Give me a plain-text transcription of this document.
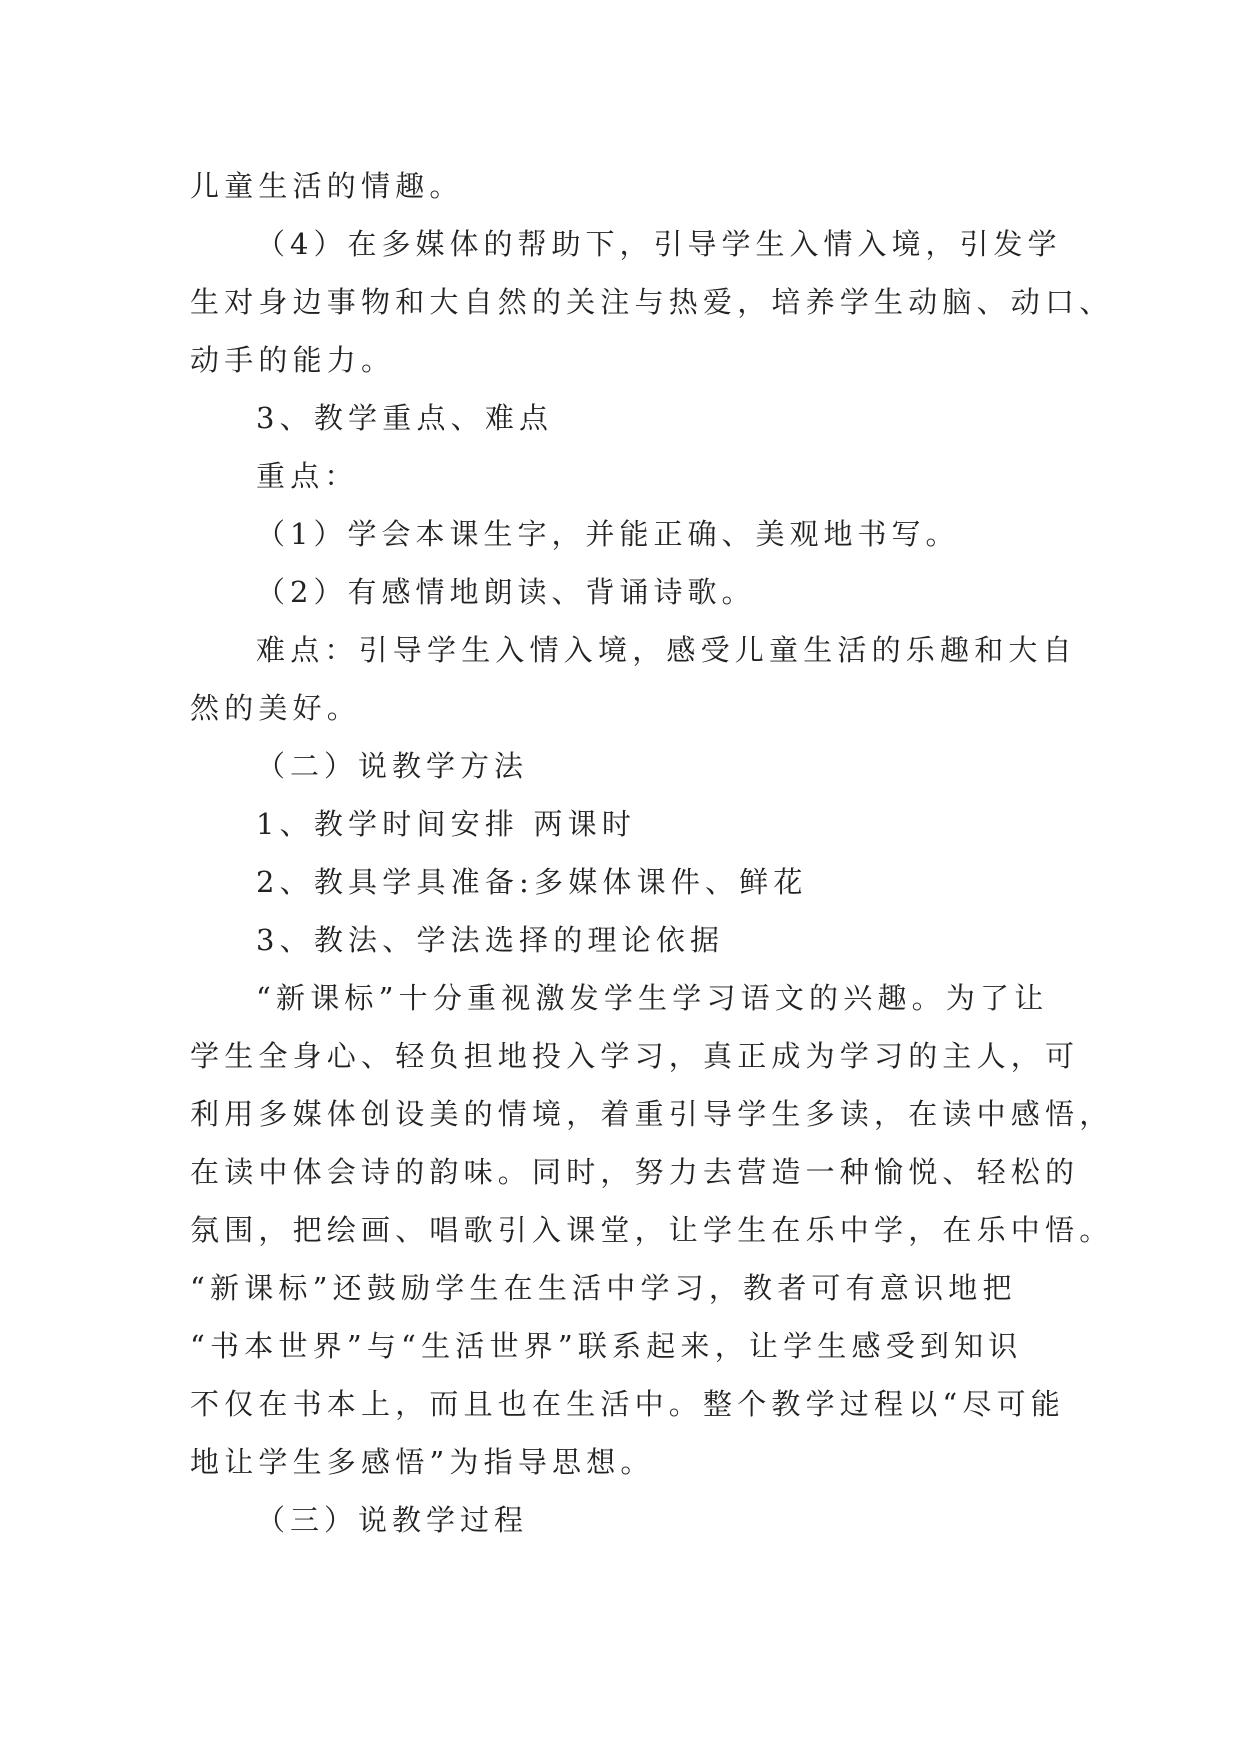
儿童生活的情趣。
（4）在多媒体的帮助下，引导学生入情入境，引发学
生对身边事物和大自然的关注与热爱，培养学生动脑、动口、
动手的能力。
3、教学重点、难点
重点：
（1）学会本课生字，并能正确、美观地书写。
（2）有感情地朗读、背诵诗歌。
难点：引导学生入情入境，感受儿童生活的乐趣和大自
然的美好。
（二）说教学方法
1、教学时间安排 两课时
2、教具学具准备:多媒体课件、鲜花
3、教法、学法选择的理论依据
“新课标”十分重视激发学生学习语文的兴趣。为了让
学生全身心、轻负担地投入学习，真正成为学习的主人，可
利用多媒体创设美的情境，着重引导学生多读，在读中感悟，
在读中体会诗的韵味。同时，努力去营造一种愉悦、轻松的
氛围，把绘画、唱歌引入课堂，让学生在乐中学，在乐中悟。
“新课标”还鼓励学生在生活中学习，教者可有意识地把
“书本世界”与“生活世界”联系起来，让学生感受到知识
不仅在书本上，而且也在生活中。整个教学过程以“尽可能
地让学生多感悟”为指导思想。
（三）说教学过程
